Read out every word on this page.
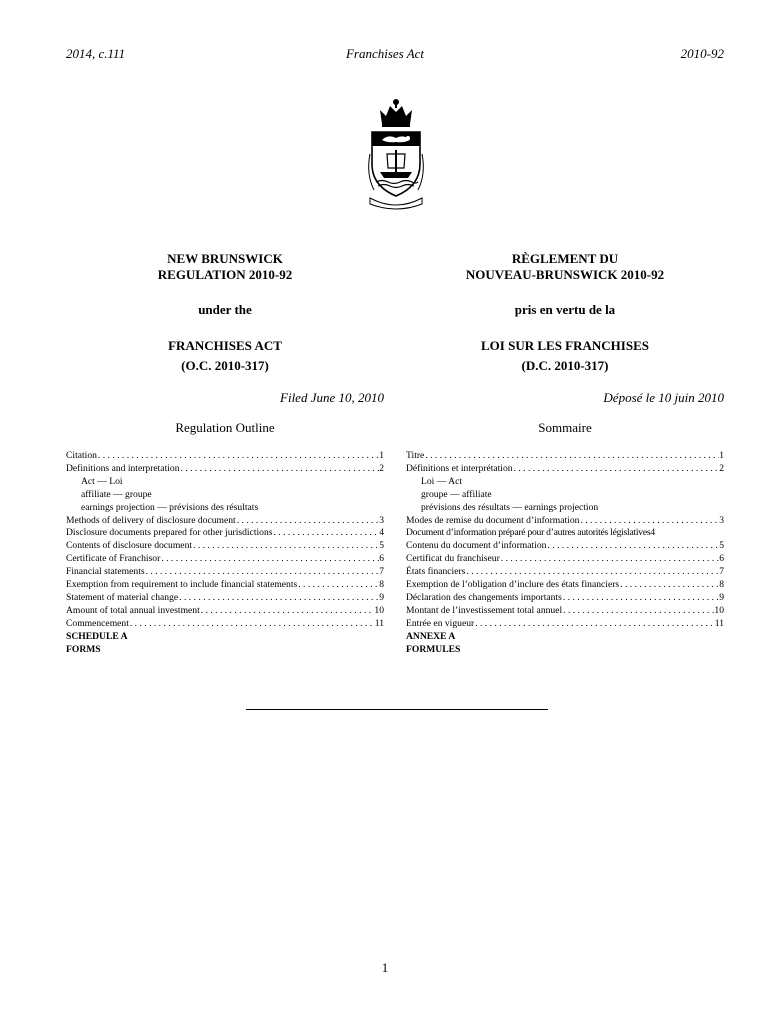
2014, c.111	Franchises Act	2010-92
NEW BRUNSWICK
REGULATION 2010-92
under the
FRANCHISES ACT
(O.C. 2010-317)
Filed June 10, 2010
Regulation Outline
Citation . . .	1
Definitions and interpretation . . .	2
Act — Loi
affiliate — groupe
earnings projection — prévisions des résultats
Methods of delivery of disclosure document . . .	3
Disclosure documents prepared for other jurisdictions . . .	4
Contents of disclosure document . . .	5
Certificate of Franchisor . . .	6
Financial statements . . .	7
Exemption from requirement to include financial statements . . .	8
Statement of material change . . .	9
Amount of total annual investment . . .	10
Commencement . . .	11
SCHEDULE A
FORMS
RÈGLEMENT DU
NOUVEAU-BRUNSWICK 2010-92
pris en vertu de la
LOI SUR LES FRANCHISES
(D.C. 2010-317)
Déposé le 10 juin 2010
Sommaire
Titre . . .	1
Définitions et interprétation . . .	2
Loi — Act
groupe — affiliate
prévisions des résultats — earnings projection
Modes de remise du document d’information . . .	3
Document d’information préparé pour d’autres autorités législatives 4
Contenu du document d’information . . .	5
Certificat du franchiseur . . .	6
États financiers . . .	7
Exemption de l’obligation d’inclure des états financiers . . .	8
Déclaration des changements importants . . .	9
Montant de l’investissement total annuel . . .	10
Entrée en vigueur . . .	11
ANNEXE A
FORMULES
1
